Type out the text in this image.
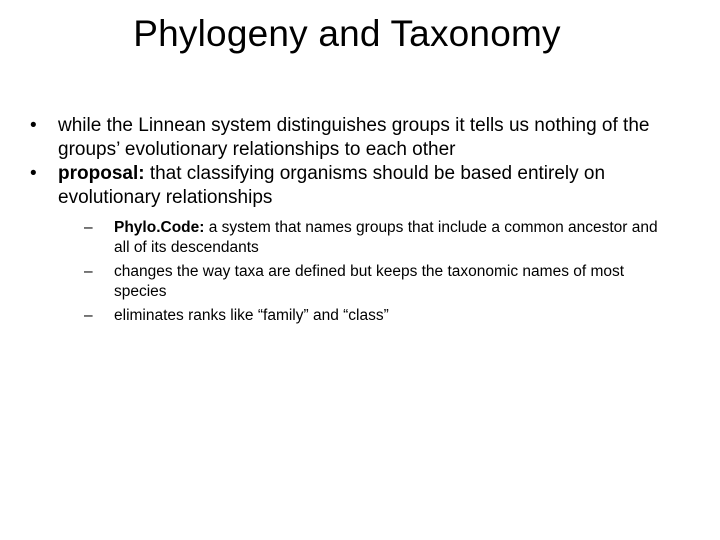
Phylogeny and Taxonomy
•	while the Linnean system distinguishes groups it tells us nothing of the groups’ evolutionary relationships to each other
•	proposal: that classifying organisms should be based entirely on evolutionary relationships
–	Phylo.Code: a system that names groups that include a common ancestor and all of its descendants
–	changes the way taxa are defined but keeps the taxonomic names of most species
–	eliminates ranks like “family” and “class”
